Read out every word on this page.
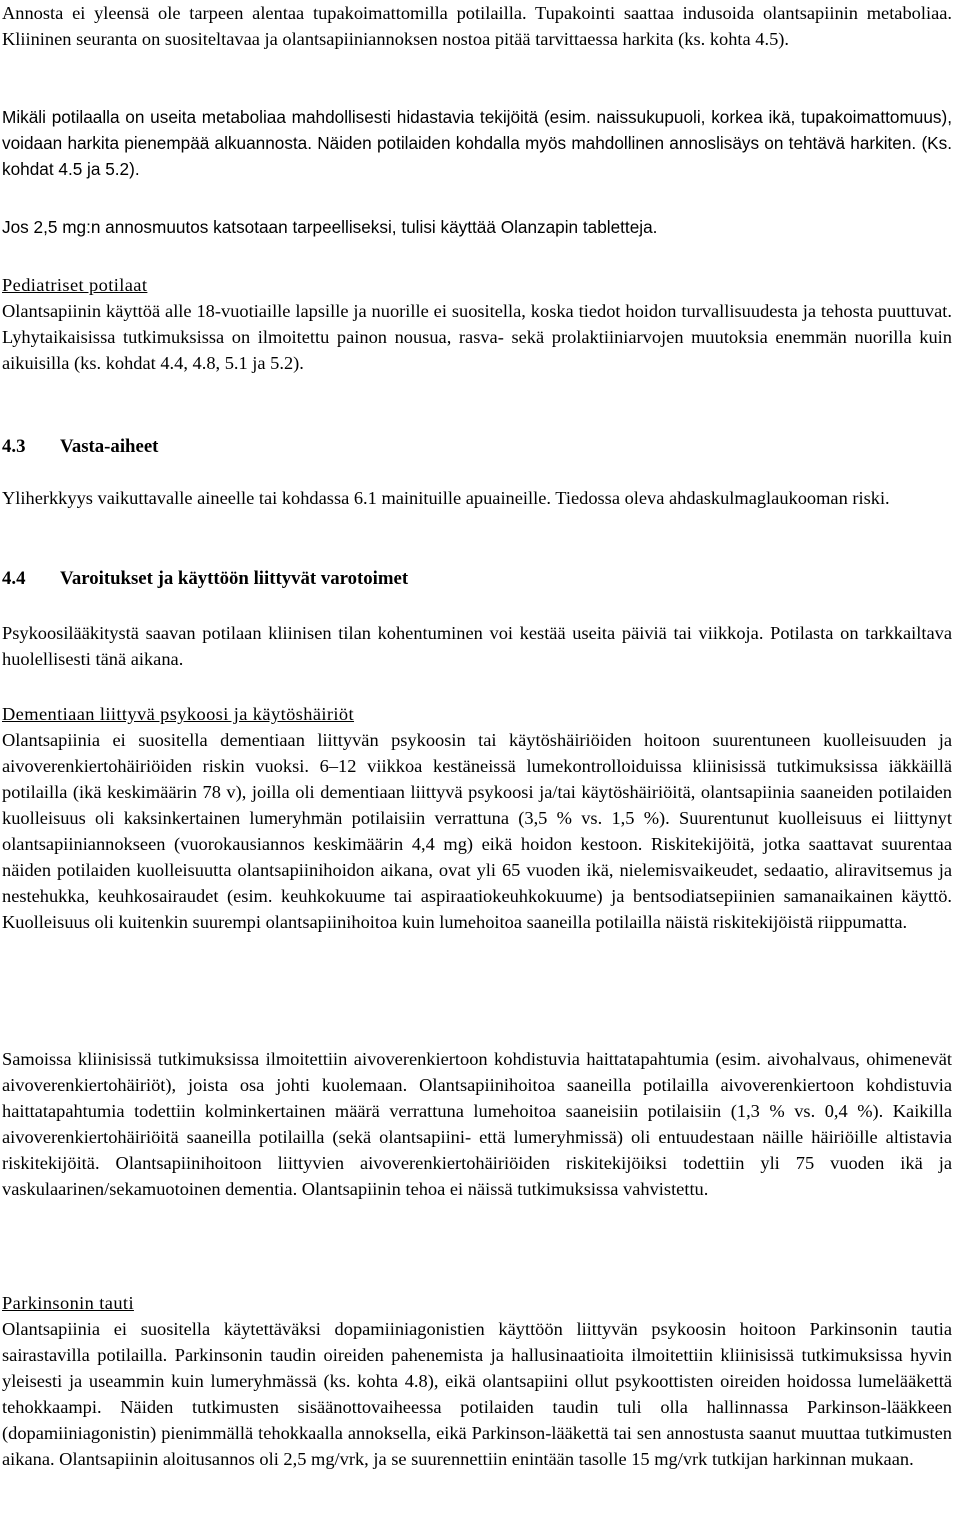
Annosta ei yleensä ole tarpeen alentaa tupakoimattomilla potilailla. Tupakointi saattaa indusoida olantsapiinin metaboliaa. Kliininen seuranta on suositeltavaa ja olantsapiiniannoksen nostoa pitää tarvittaessa harkita (ks. kohta 4.5).

Mikäli potilaalla on useita metaboliaa mahdollisesti hidastavia tekijöitä (esim. naissukupuoli, korkea ikä, tupakoimattomuus), voidaan harkita pienempää alkuannosta. Näiden potilaiden kohdalla myös mahdollinen annoslisäys on tehtävä harkiten. (Ks. kohdat 4.5 ja 5.2).

Jos 2,5 mg:n annosmuutos katsotaan tarpeelliseksi, tulisi käyttää Olanzapin tabletteja.

Pediatriset potilaat

Olantsapiinin käyttöä alle 18-vuotiaille lapsille ja nuorille ei suositella, koska tiedot hoidon turvallisuudesta ja tehosta puuttuvat. Lyhytaikaisissa tutkimuksissa on ilmoitettu painon nousua, rasva- sekä prolaktiiniarvojen muutoksia enemmän nuorilla kuin aikuisilla (ks. kohdat 4.4, 4.8, 5.1 ja 5.2).

4.3 Vasta-aiheet

Yliherkkyys vaikuttavalle aineelle tai kohdassa 6.1 mainituille apuaineille. Tiedossa oleva ahdaskulmaglaukooman riski.

4.4 Varoitukset ja käyttöön liittyvät varotoimet

Psykoosilääkitystä saavan potilaan kliinisen tilan kohentuminen voi kestää useita päiviä tai viikkoja. Potilasta on tarkkailtava huolellisesti tänä aikana.

Dementiaan liittyvä psykoosi ja käytöshäiriöt

Olantsapiinia ei suositella dementiaan liittyvän psykoosin tai käytöshäiriöiden hoitoon suurentuneen kuolleisuuden ja aivoverenkiertohäiriöiden riskin vuoksi. 6–12 viikkoa kestäneissä lumekontrolloiduissa kliinisissä tutkimuksissa iäkkäillä potilailla (ikä keskimäärin 78 v), joilla oli dementiaan liittyvä psykoosi ja/tai käytöshäiriöitä, olantsapiinia saaneiden potilaiden kuolleisuus oli kaksinkertainen lumeryhmän potilaisiin verrattuna (3,5 % vs. 1,5 %). Suurentunut kuolleisuus ei liittynyt olantsapiiniannokseen (vuorokausiannos keskimäärin 4,4 mg) eikä hoidon kestoon. Riskitekijöitä, jotka saattavat suurentaa näiden potilaiden kuolleisuutta olantsapiinihoidon aikana, ovat yli 65 vuoden ikä, nielemisvaikeudet, sedaatio, aliravitsemus ja nestehukka, keuhkosairaudet (esim. keuhkokuume tai aspiraatiokeuhkokuume) ja bentsodiatsepiinien samanaikainen käyttö. Kuolleisuus oli kuitenkin suurempi olantsapiinihoitoa kuin lumehoitoa saaneilla potilailla näistä riskitekijöistä riippumatta.

Samoissa kliinisissä tutkimuksissa ilmoitettiin aivoverenkiertoon kohdistuvia haittatapahtumia (esim. aivohalvaus, ohimenevät aivoverenkiertohäiriöt), joista osa johti kuolemaan. Olantsapiinihoitoa saaneilla potilailla aivoverenkiertoon kohdistuvia haittatapahtumia todettiin kolminkertainen määrä verrattuna lumehoitoa saaneisiin potilaisiin (1,3 % vs. 0,4 %). Kaikilla aivoverenkiertohäiriöitä saaneilla potilailla (sekä olantsapiini- että lumeryhmissä) oli entuudestaan näille häiriöille altistavia riskitekijöitä. Olantsapiinihoitoon liittyvien aivoverenkiertohäiriöiden riskitekijöiksi todettiin yli 75 vuoden ikä ja vaskulaarinen/sekamuotoinen dementia. Olantsapiinin tehoa ei näissä tutkimuksissa vahvistettu.

Parkinsonin tauti

Olantsapiinia ei suositella käytettäväksi dopamiiniagonistien käyttöön liittyvän psykoosin hoitoon Parkinsonin tautia sairastavilla potilailla. Parkinsonin taudin oireiden pahenemista ja hallusinaatioita ilmoitettiin kliinisissä tutkimuksissa hyvin yleisesti ja useammin kuin lumeryhmässä (ks. kohta 4.8), eikä olantsapiini ollut psykoottisten oireiden hoidossa lumelääkettä tehokkaampi. Näiden tutkimusten sisäänottovaiheessa potilaiden taudin tuli olla hallinnassa Parkinson-lääkkeen (dopamiiniagonistin) pienimmällä tehokkaalla annoksella, eikä Parkinson-lääkettä tai sen annostusta saanut muuttaa tutkimusten aikana. Olantsapiinin aloitusannos oli 2,5 mg/vrk, ja se suurennettiin enintään tasolle 15 mg/vrk tutkijan harkinnan mukaan.
